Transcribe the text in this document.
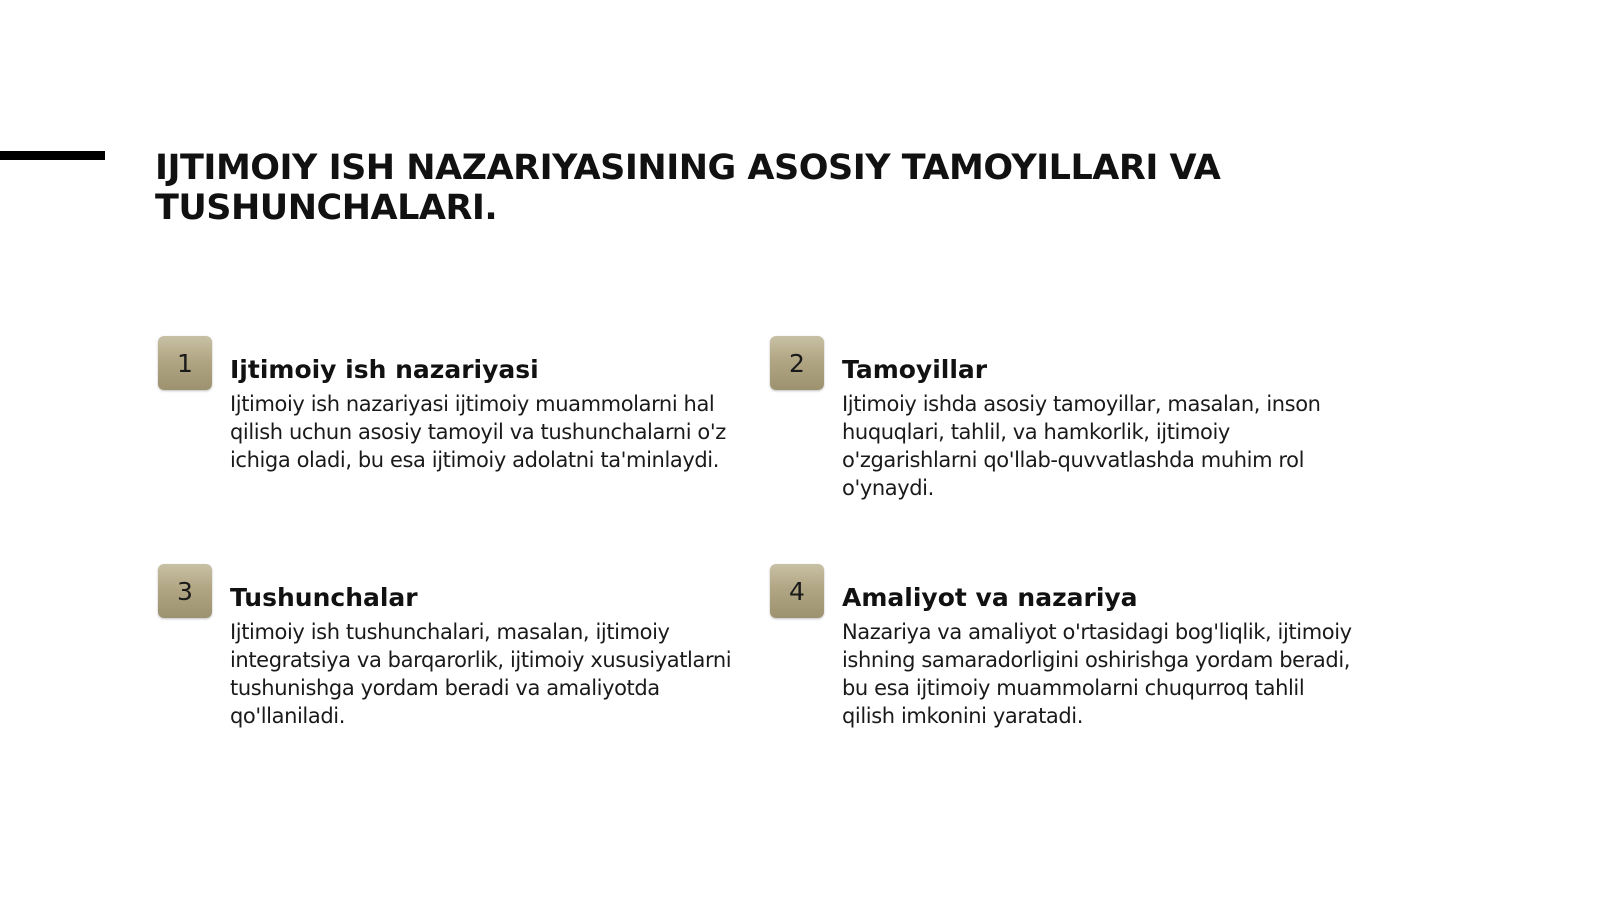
IJTIMOIY ISH NAZARIYASINING ASOSIY TAMOYILLARI VA TUSHUNCHALARI.
1	Ijtimoiy ish nazariyasi

Ijtimoiy ish nazariyasi ijtimoiy muammolarni hal qilish uchun asosiy tamoyil va tushunchalarni o'z ichiga oladi, bu esa ijtimoiy adolatni ta'minlaydi.

2	Tamoyillar

Ijtimoiy ishda asosiy tamoyillar, masalan, inson huquqlari, tahlil, va hamkorlik, ijtimoiy o'zgarishlarni qo'llab-quvvatlashda muhim rol o'ynaydi.

3	Tushunchalar

Ijtimoiy ish tushunchalari, masalan, ijtimoiy integratsiya va barqarorlik, ijtimoiy xususiyatlarni tushunishga yordam beradi va amaliyotda qo'llaniladi.

4	Amaliyot va nazariya

Nazariya va amaliyot o'rtasidagi bog'liqlik, ijtimoiy ishning samaradorligini oshirishga yordam beradi, bu esa ijtimoiy muammolarni chuqurroq tahlil qilish imkonini yaratadi.
